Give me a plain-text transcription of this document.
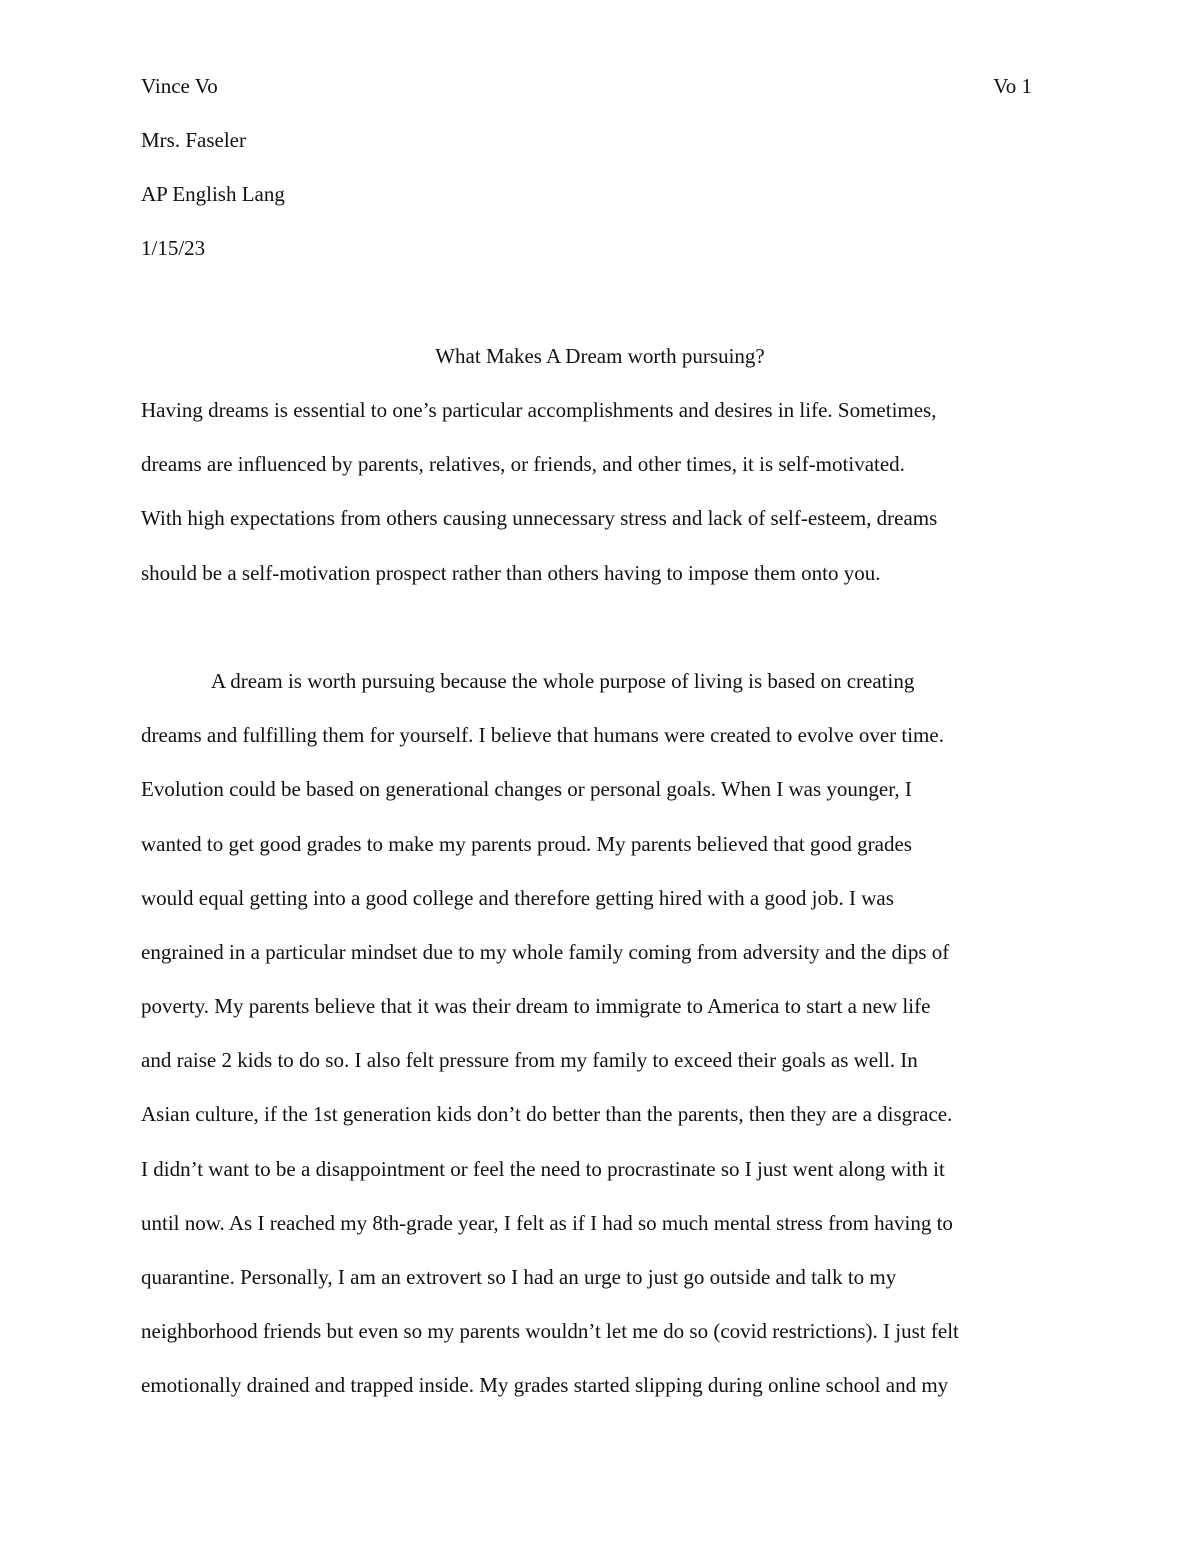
Vo 1
Vince Vo
Mrs. Faseler
AP English Lang
1/15/23
What Makes A Dream worth pursuing?
Having dreams is essential to one’s particular accomplishments and desires in life. Sometimes,
dreams are influenced by parents, relatives, or friends, and other times, it is self-motivated.
With high expectations from others causing unnecessary stress and lack of self-esteem, dreams
should be a self-motivation prospect rather than others having to impose them onto you.
A dream is worth pursuing because the whole purpose of living is based on creating
dreams and fulfilling them for yourself. I believe that humans were created to evolve over time.
Evolution could be based on generational changes or personal goals. When I was younger, I
wanted to get good grades to make my parents proud. My parents believed that good grades
would equal getting into a good college and therefore getting hired with a good job. I was
engrained in a particular mindset due to my whole family coming from adversity and the dips of
poverty. My parents believe that it was their dream to immigrate to America to start a new life
and raise 2 kids to do so. I also felt pressure from my family to exceed their goals as well. In
Asian culture, if the 1st generation kids don’t do better than the parents, then they are a disgrace.
I didn’t want to be a disappointment or feel the need to procrastinate so I just went along with it
until now. As I reached my 8th-grade year, I felt as if I had so much mental stress from having to
quarantine. Personally, I am an extrovert so I had an urge to just go outside and talk to my
neighborhood friends but even so my parents wouldn’t let me do so (covid restrictions). I just felt
emotionally drained and trapped inside. My grades started slipping during online school and my
